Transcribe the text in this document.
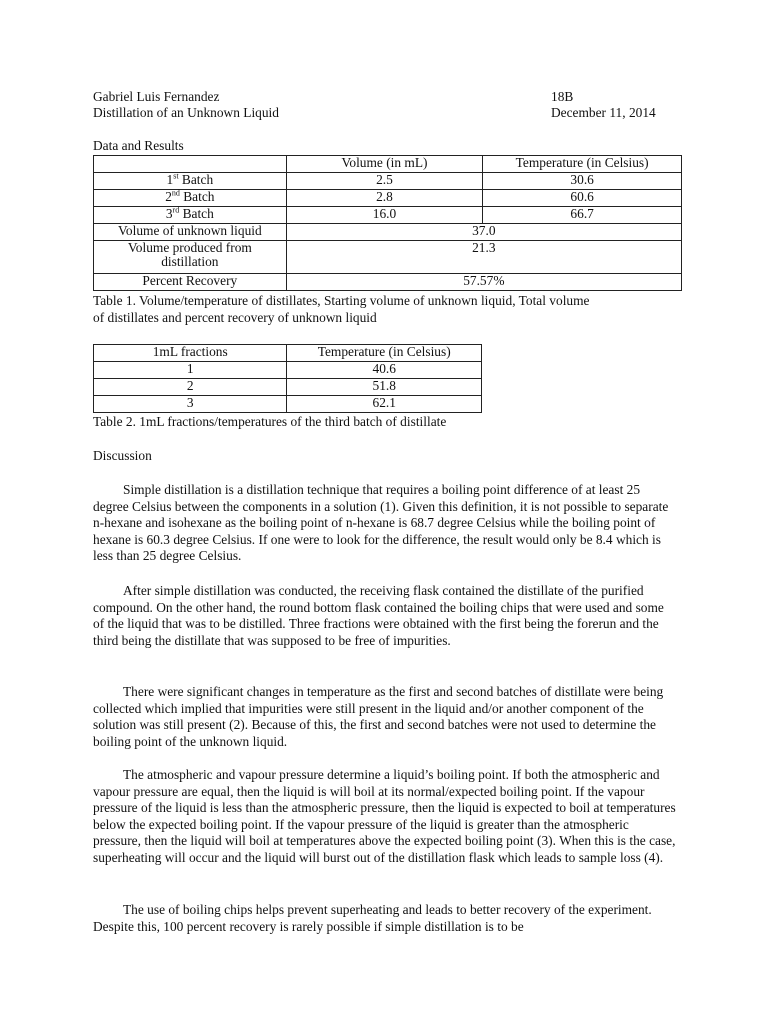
Gabriel Luis Fernandez	18B
Distillation of an Unknown Liquid	December 11, 2014
Data and Results
	Volume (in mL)	Temperature (in Celsius)
1st Batch	2.5	30.6
2nd Batch	2.8	60.6
3rd Batch	16.0	66.7
Volume of unknown liquid	37.0	
Volume produced from
distillation	21.3	
Percent Recovery	57.57%	
Table 1. Volume/temperature of distillates, Starting volume of unknown liquid, Total volume
of distillates and percent recovery of unknown liquid
1mL fractions	Temperature (in Celsius)
1	40.6
2	51.8
3	62.1
Table 2. 1mL fractions/temperatures of the third batch of distillate
Discussion

Simple distillation is a distillation technique that requires a boiling point difference of at least 25 degree Celsius between the components in a solution (1). Given this definition, it is not possible to separate n-hexane and isohexane as the boiling point of n-hexane is 68.7 degree Celsius while the boiling point of hexane is 60.3 degree Celsius. If one were to look for the difference, the result would only be 8.4 which is less than 25 degree Celsius.

After simple distillation was conducted, the receiving flask contained the distillate of the purified compound. On the other hand, the round bottom flask contained the boiling chips that were used and some of the liquid that was to be distilled. Three fractions were obtained with the first being the forerun and the third being the distillate that was supposed to be free of impurities.

There were significant changes in temperature as the first and second batches of distillate were being collected which implied that impurities were still present in the liquid and/or another component of the solution was still present (2). Because of this, the first and second batches were not used to determine the boiling point of the unknown liquid.

The atmospheric and vapour pressure determine a liquid’s boiling point. If both the atmospheric and vapour pressure are equal, then the liquid is will boil at its normal/expected boiling point. If the vapour pressure of the liquid is less than the atmospheric pressure, then the liquid is expected to boil at temperatures below the expected boiling point. If the vapour pressure of the liquid is greater than the atmospheric pressure, then the liquid will boil at temperatures above the expected boiling point (3). When this is the case, superheating will occur and the liquid will burst out of the distillation flask which leads to sample loss (4).

The use of boiling chips helps prevent superheating and leads to better recovery of the experiment. Despite this, 100 percent recovery is rarely possible if simple distillation is to be
